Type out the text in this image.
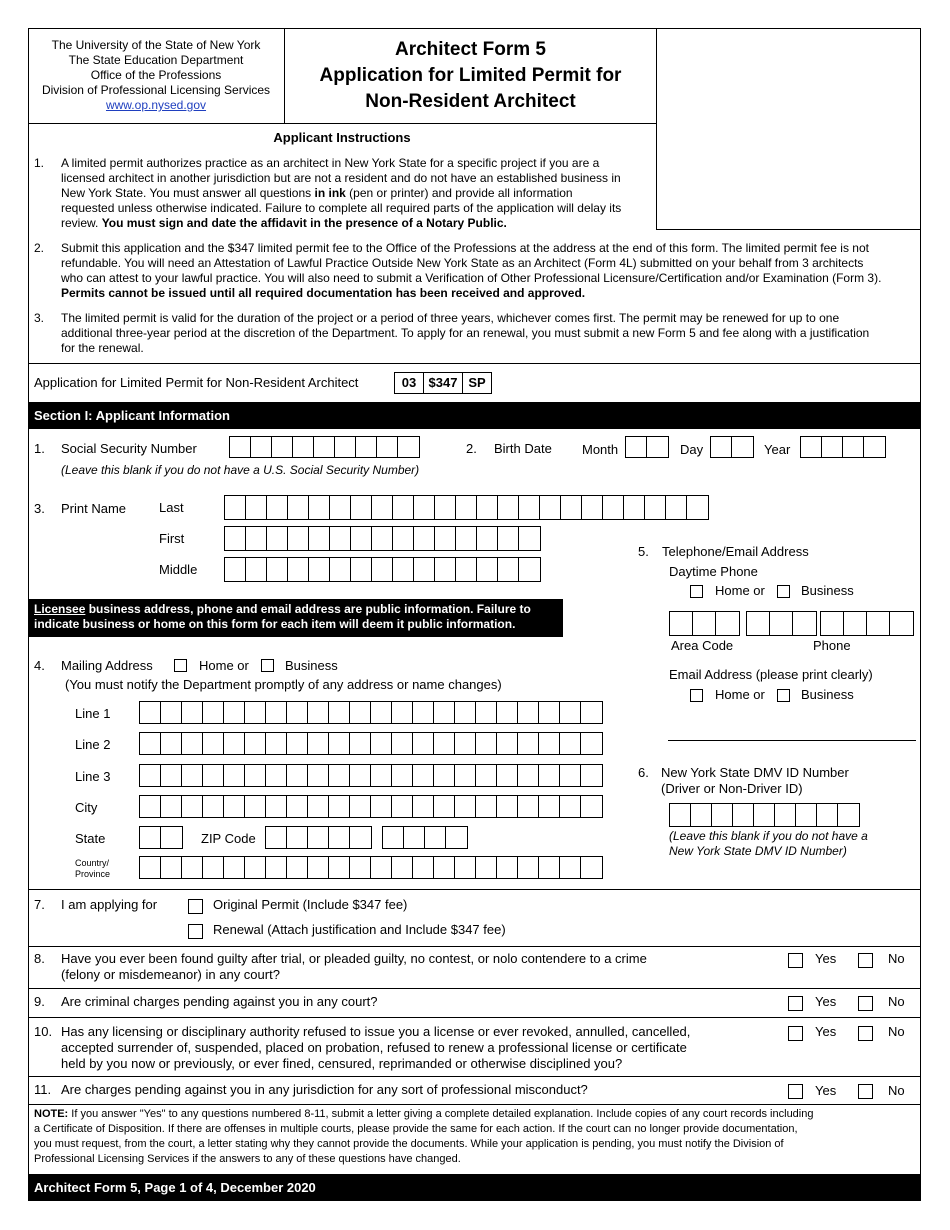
The University of the State of New York
The State Education Department
Office of the Professions
Division of Professional Licensing Services
www.op.nysed.gov
Architect Form 5
Application for Limited Permit for
Non-Resident Architect
Applicant Instructions
1. A limited permit authorizes practice as an architect in New York State for a specific project if you are a
licensed architect in another jurisdiction but are not a resident and do not have an established business in
New York State. You must answer all questions in ink (pen or printer) and provide all information
requested unless otherwise indicated. Failure to complete all required parts of the application will delay its
review. You must sign and date the affidavit in the presence of a Notary Public.
2. Submit this application and the $347 limited permit fee to the Office of the Professions at the address at the end of this form. The limited permit fee is not
refundable. You will need an Attestation of Lawful Practice Outside New York State as an Architect (Form 4L) submitted on your behalf from 3 architects
who can attest to your lawful practice. You will also need to submit a Verification of Other Professional Licensure/Certification and/or Examination (Form 3).
Permits cannot be issued until all required documentation has been received and approved.
3. The limited permit is valid for the duration of the project or a period of three years, whichever comes first. The permit may be renewed for up to one
additional three-year period at the discretion of the Department. To apply for an renewal, you must submit a new Form 5 and fee along with a justification
for the renewal.
Application for Limited Permit for Non-Resident Architect	03 $347 SP
Section I: Applicant Information
1. Social Security Number
(Leave this blank if you do not have a U.S. Social Security Number)
2. Birth Date Month	Day	Year
3. Print Name	Last
First
Middle
Licensee business address, phone and email address are public information. Failure to
indicate business or home on this form for each item will deem it public information.
4. Mailing Address	Home or	Business
(You must notify the Department promptly of any address or name changes)
Line 1
Line 2
Line 3
City
State	ZIP Code
Country/
Province
5. Telephone/Email Address
Daytime Phone
Home or	Business
Area Code	Phone
Email Address (please print clearly)
Home or	Business
6. New York State DMV ID Number
(Driver or Non-Driver ID)
(Leave this blank if you do not have a
New York State DMV ID Number)
7. I am applying for	Original Permit (Include $347 fee)
Renewal (Attach justification and Include $347 fee)
8. Have you ever been found guilty after trial, or pleaded guilty, no contest, or nolo contendere to a crime
(felony or misdemeanor) in any court?
Yes	No
9. Are criminal charges pending against you in any court?	Yes	No
10. Has any licensing or disciplinary authority refused to issue you a license or ever revoked, annulled, cancelled,
accepted surrender of, suspended, placed on probation, refused to renew a professional license or certificate
held by you now or previously, or ever fined, censured, reprimanded or otherwise disciplined you?
Yes	No
11. Are charges pending against you in any jurisdiction for any sort of professional misconduct?	Yes	No
NOTE: If you answer "Yes" to any questions numbered 8-11, submit a letter giving a complete detailed explanation. Include copies of any court records including
a Certificate of Disposition. If there are offenses in multiple courts, please provide the same for each action. If the court can no longer provide documentation,
you must request, from the court, a letter stating why they cannot provide the documents. While your application is pending, you must notify the Division of
Professional Licensing Services if the answers to any of these questions have changed.
Architect Form 5, Page 1 of 4, December 2020
